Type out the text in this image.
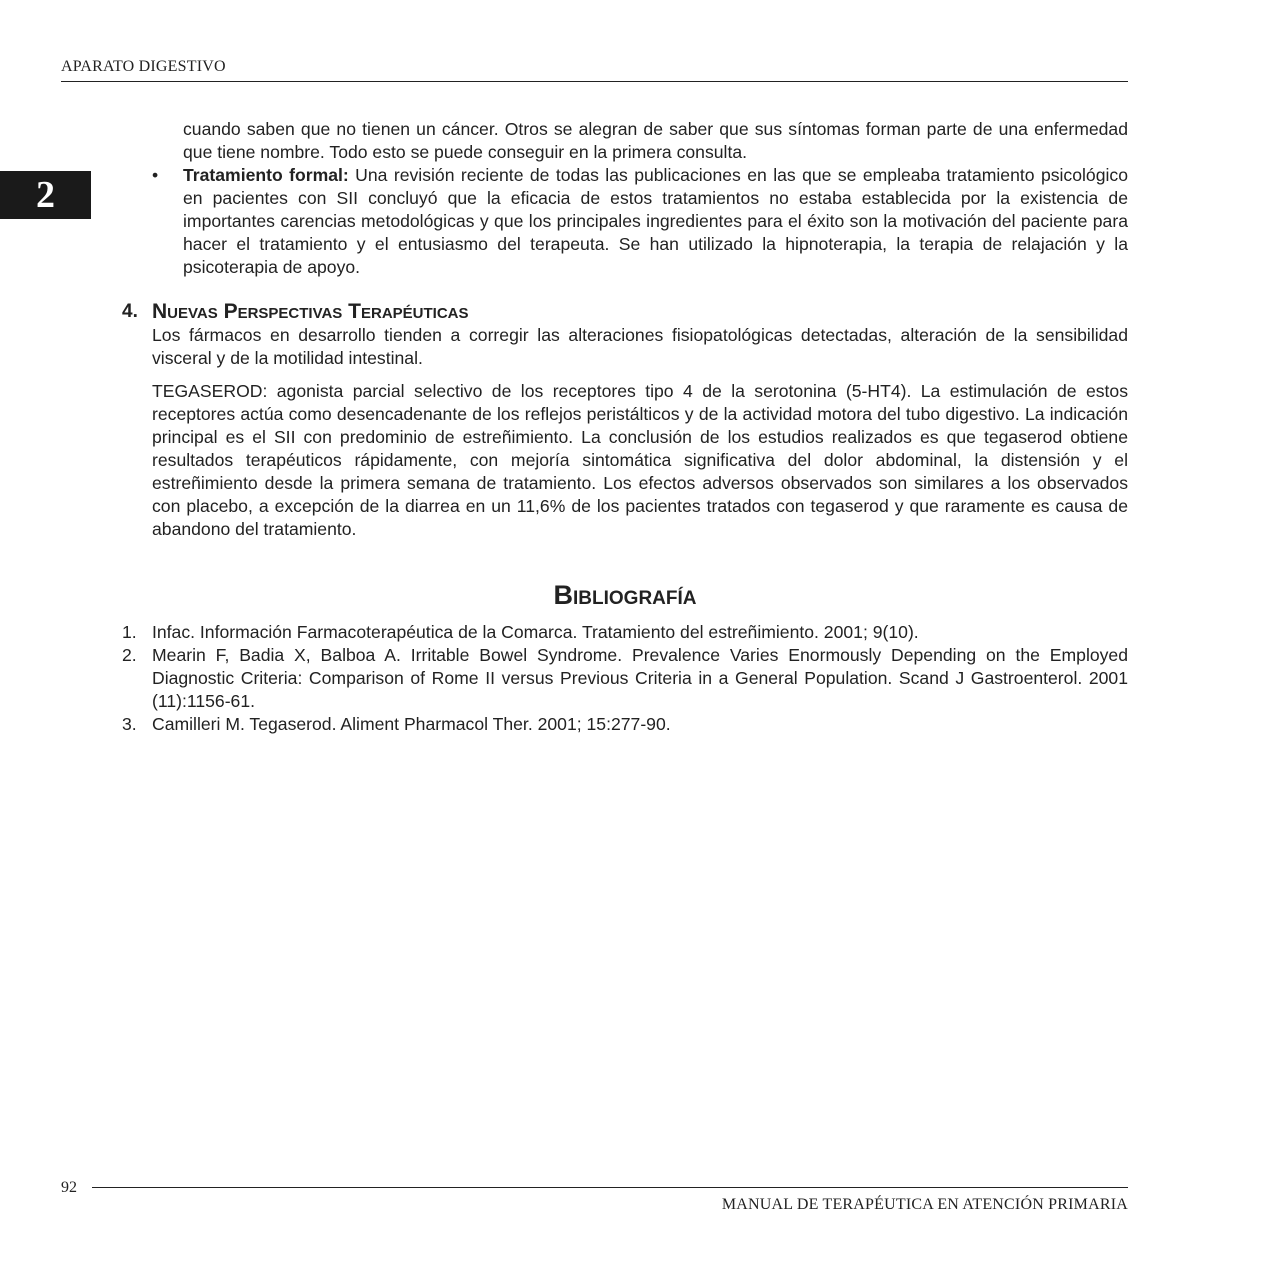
APARATO DIGESTIVO
2

cuando saben que no tienen un cáncer. Otros se alegran de saber que sus síntomas forman parte de una enfermedad que tiene nombre. Todo esto se puede conseguir en la primera consulta.

•	Tratamiento formal: Una revisión reciente de todas las publicaciones en las que se empleaba tratamiento psicológico en pacientes con SII concluyó que la eficacia de estos tratamientos no estaba establecida por la existencia de importantes carencias metodológicas y que los principales ingredientes para el éxito son la motivación del paciente para hacer el tratamiento y el entusiasmo del terapeuta. Se han utilizado la hipnoterapia, la terapia de relajación y la psicoterapia de apoyo.

4. Nuevas Perspectivas Terapéuticas

Los fármacos en desarrollo tienden a corregir las alteraciones fisiopatológicas detectadas, alteración de la sensibilidad visceral y de la motilidad intestinal.

TEGASEROD: agonista parcial selectivo de los receptores tipo 4 de la serotonina (5-HT4). La estimulación de estos receptores actúa como desencadenante de los reflejos peristálticos y de la actividad motora del tubo digestivo. La indicación principal es el SII con predominio de estreñimiento. La conclusión de los estudios realizados es que tegaserod obtiene resultados terapéuticos rápidamente, con mejoría sintomática significativa del dolor abdominal, la distensión y el estreñimiento desde la primera semana de tratamiento. Los efectos adversos observados son similares a los observados con placebo, a excepción de la diarrea en un 11,6% de los pacientes tratados con tegaserod y que raramente es causa de abandono del tratamiento.

Bibliografía
1. Infac. Información Farmacoterapéutica de la Comarca. Tratamiento del estreñimiento. 2001; 9(10).

2. Mearin F, Badia X, Balboa A. Irritable Bowel Syndrome. Prevalence Varies Enormously Depending on the Employed Diagnostic Criteria: Comparison of Rome II versus Previous Criteria in a General Population. Scand J Gastroenterol. 2001 (11):1156-61.

3. Camilleri M. Tegaserod. Aliment Pharmacol Ther. 2001; 15:277-90.

92
MANUAL DE TERAPÉUTICA EN ATENCIÓN PRIMARIA
